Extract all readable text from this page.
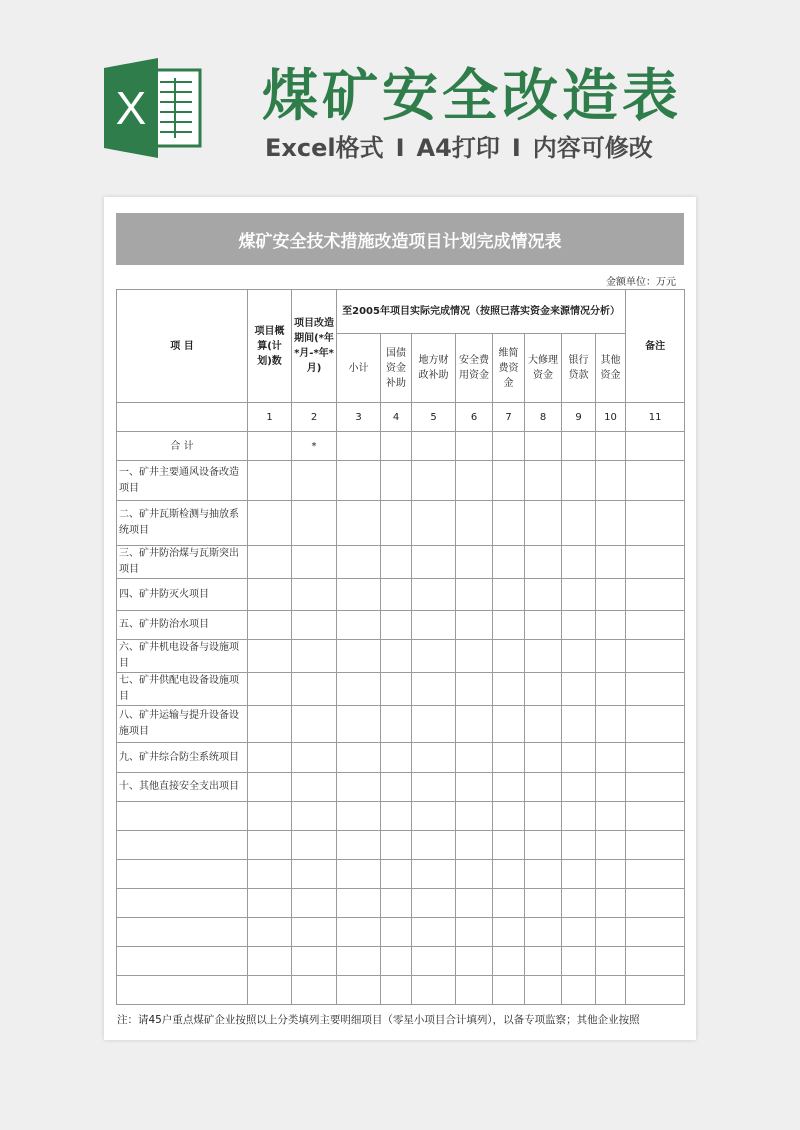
X 煤矿安全改造表
Excel格式 I A4打印 I 内容可修改
煤矿安全技术措施改造项目计划完成情况表
金额单位：万元
项 目	项目概算(计划)数	项目改造期间(*年*月-*年*月)	至2005年项目实际完成情况（按照已落实资金来源情况分析）								备注
			小计	国债资金补助	地方财政补助	安全费用资金	维简费资金	大修理资金	银行贷款	其他资金	
	1	2	3	4	5	6	7	8	9	10	11
合 计		*									
一、矿井主要通风设备改造项目											
二、矿井瓦斯检测与抽放系统项目											
三、矿井防治煤与瓦斯突出项目											
四、矿井防灭火项目											
五、矿井防治水项目											
六、矿井机电设备与设施项目											
七、矿井供配电设备设施项目											
八、矿井运输与提升设备设施项目											
九、矿井综合防尘系统项目											
十、其他直接安全支出项目											

注：请45户重点煤矿企业按照以上分类填列主要明细项目（零星小项目合计填列），以备专项监察；其他企业按照
